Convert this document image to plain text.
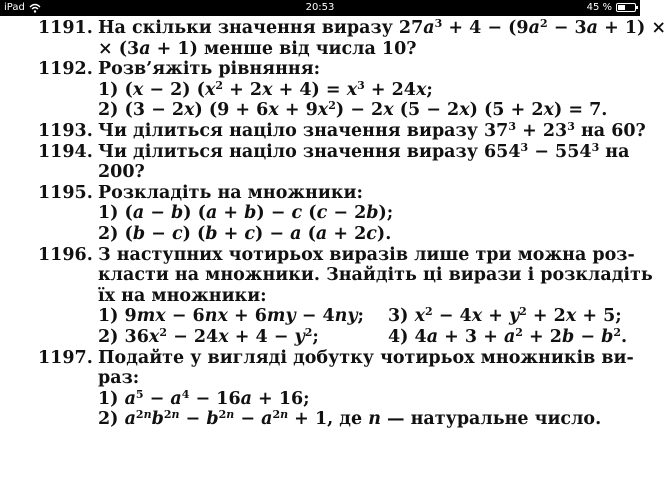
iPad	20:53	45 %
1191. На скільки значення виразу $27a^3 + 4 - (9a^2 - 3a + 1)$ ×
× (3a + 1) менше від числа 10?
1192. Розв’яжіть рівняння:
1) (x − 2) $(x^2 + 2x + 4) = x^3 + 24x$;
2) (3 − 2x) $(9 + 6x + 9x^2) - 2x$ (5 − 2x) (5 + 2x) = 7.
1193. Чи ділиться націло значення виразу $37^3 + 23^3$ на 60?
1194. Чи ділиться націло значення виразу $654^3 - 554^3$ на
200?
1195. Розкладіть на множники:
1) (a − b) (a + b) − c (c − 2b);
2) (b − c) (b + c) − a (a + 2c).
1196. З наступних чотирьох виразів лише три можна роз-
класти на множники. Знайдіть ці вирази і розкладіть
їх на множники:
1) 9mx − 6nx + 6my − 4ny; 3) $x^2 - 4x + y^2 + 2x + 5$;
2) $36x^2 - 24x + 4 - y^2$;	4) $4a + 3 + a^2 + 2b - b^2$.
1197. Подайте у вигляді добутку чотирьох множників ви-
раз:
1) $a^5 - a^4 - 16a + 16$;
2) $a^{2n}b^{2n} - b^{2n} - a^{2n} + 1$, де n — натуральне число.
